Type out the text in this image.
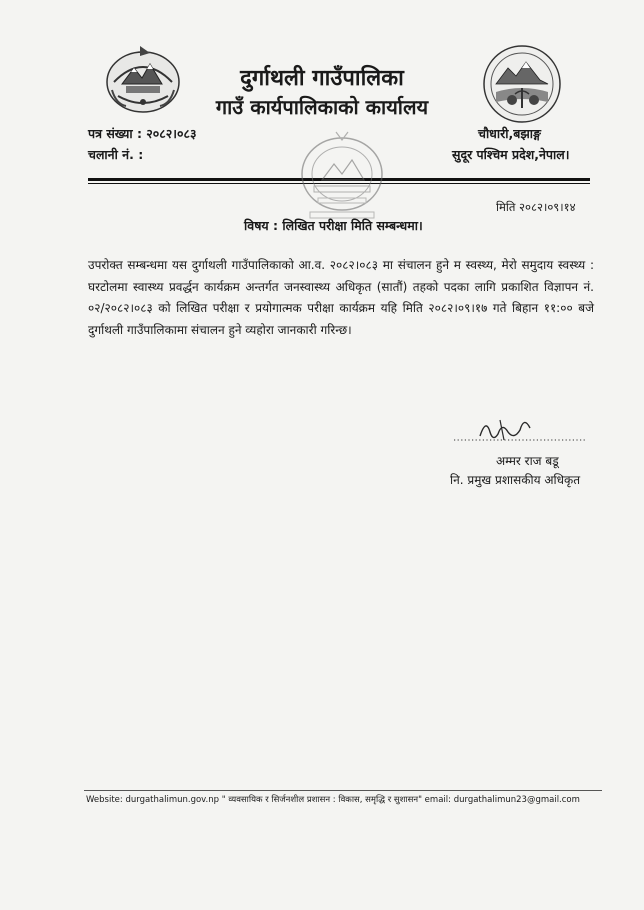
दुर्गाथली गाउँपालिका
गाउँ कार्यपालिकाको कार्यालय
पत्र संख्या : २०८२।०८३
चलानी नं. :
चौधारी,बझाङ्ग
सुदूर पश्चिम प्रदेश,नेपाल।
मिति २०८२।०९।१४
विषय : लिखित परीक्षा मिति सम्बन्धमा।

उपरोक्त सम्बन्धमा यस दुर्गाथली गाउँपालिकाको आ.व. २०८२।०८३ मा संचालन हुने म स्वस्थ्य, मेरो समुदाय स्वस्थ्य : घरटोलमा स्वास्थ्य प्रवर्द्धन कार्यक्रम अन्तर्गत जनस्वास्थ्य अधिकृत (सातौं) तहको पदका लागि प्रकाशित विज्ञापन नं. ०२/२०८२।०८३ को लिखित परीक्षा र प्रयोगात्मक परीक्षा कार्यक्रम यहि मिति २०८२।०९।१७ गते बिहान ११:०० बजे दुर्गाथली गाउँपालिकामा संचालन हुने व्यहोरा जानकारी गरिन्छ।

अम्मर राज बडू
नि. प्रमुख प्रशासकीय अधिकृत
Website: durgathalimun.gov.np " व्यवसायिक र सिर्जनशील प्रशासन : विकास, समृद्धि र सुशासन" email: durgathalimun23@gmail.com
